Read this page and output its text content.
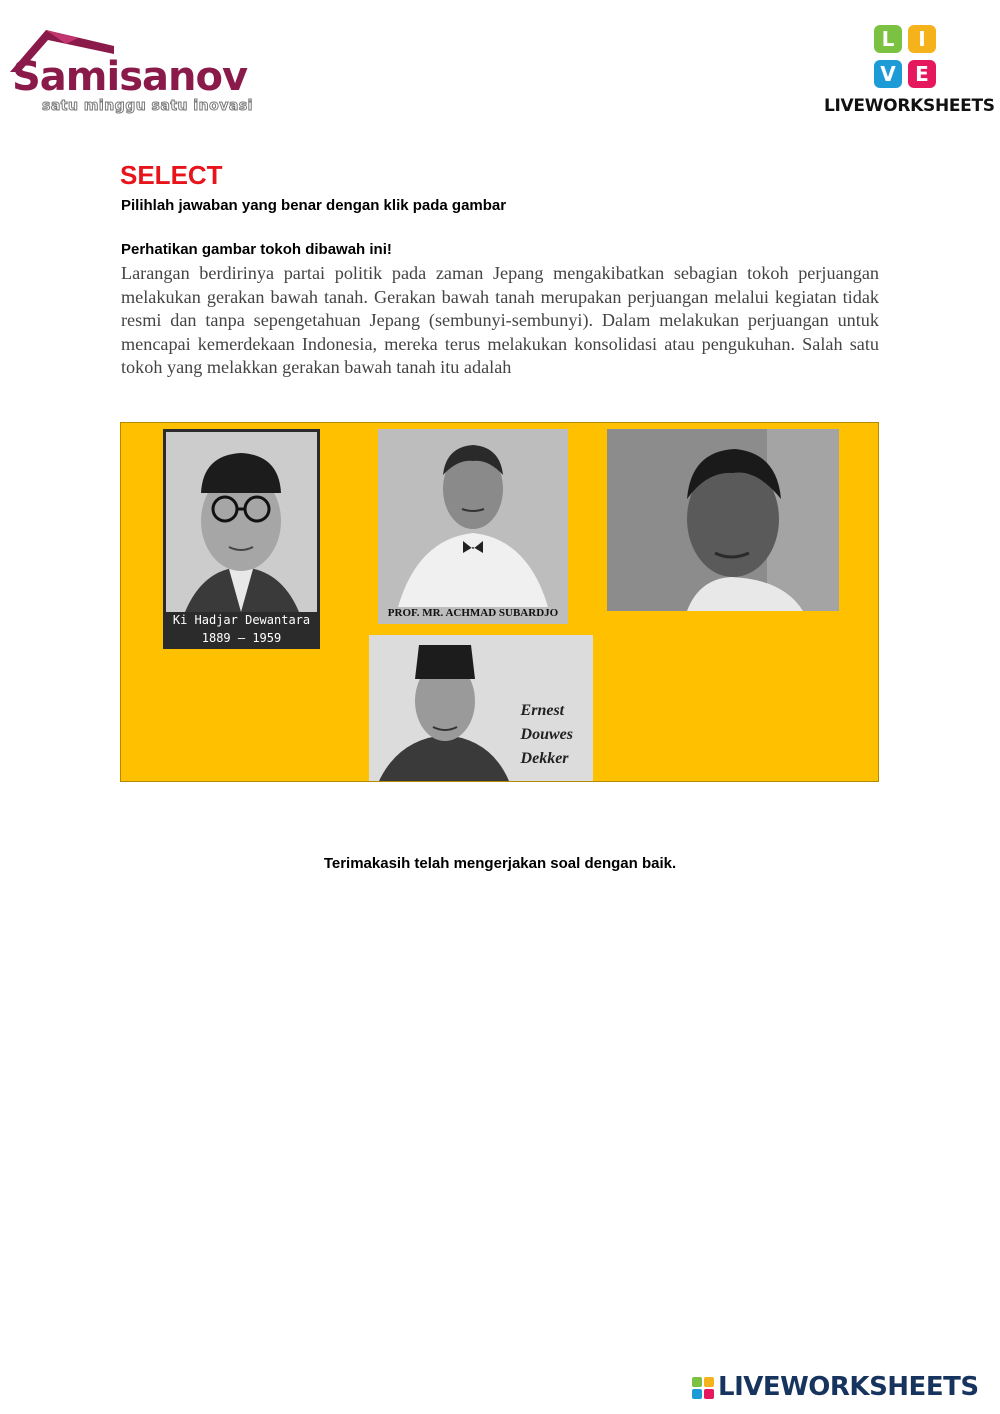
Samisanov
satu minggu satu inovasi
L	I
V E
LIVEWORKSHEETS
SELECT
Pilihlah jawaban yang benar dengan klik pada gambar
Perhatikan gambar tokoh dibawah ini!

Larangan berdirinya partai politik pada zaman Jepang mengakibatkan sebagian tokoh perjuangan melakukan gerakan bawah tanah. Gerakan bawah tanah merupakan perjuangan melalui kegiatan tidak resmi dan tanpa sepengetahuan Jepang (sembunyi-sembunyi). Dalam melakukan perjuangan untuk mencapai kemerdekaan Indonesia, mereka terus melakukan konsolidasi atau pengukuhan. Salah satu tokoh yang melakkan gerakan bawah tanah itu adalah

Ki Hadjar Dewantara
1889 – 1959
PROF. MR. ACHMAD SUBARDJO
Ernest
Douwes
Dekker
Terimakasih telah mengerjakan soal dengan baik.
LIVEWORKSHEETS
